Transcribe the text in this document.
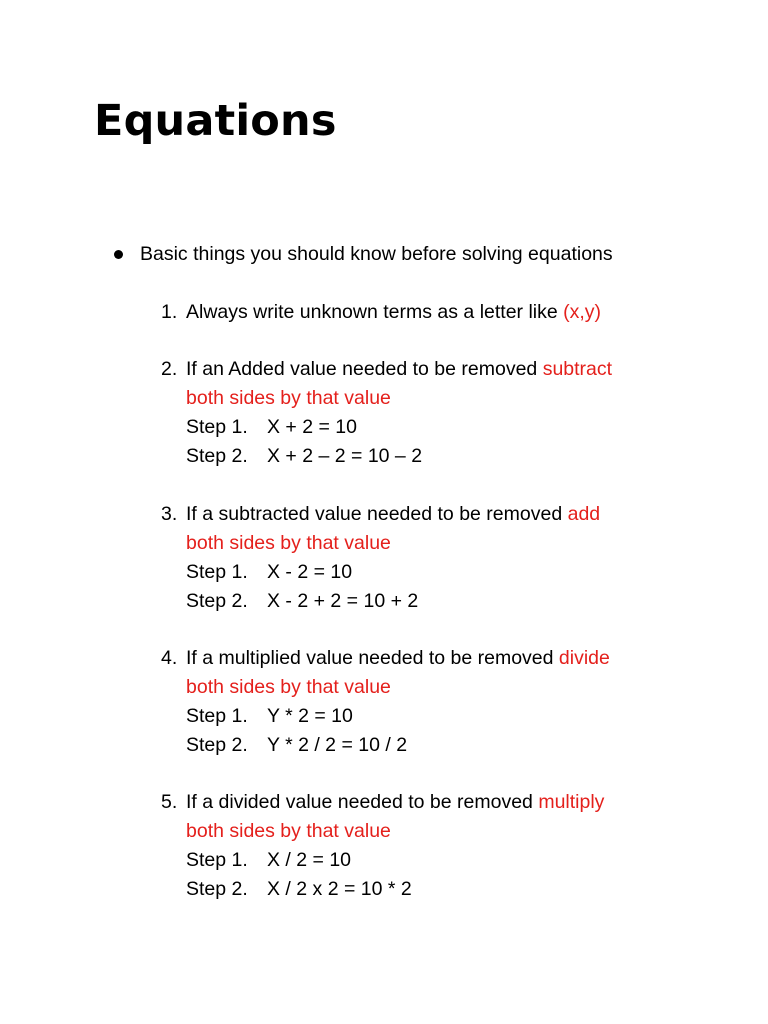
Equations
Basic things you should know before solving equations
1. Always write unknown terms as a letter like (x,y)
2. If an Added value needed to be removed subtract
both sides by that value
Step 1. X + 2 = 10
Step 2. X + 2 – 2 = 10 – 2
3. If a subtracted value needed to be removed add
both sides by that value
Step 1. X - 2 = 10
Step 2. X - 2 + 2 = 10 + 2
4. If a multiplied value needed to be removed divide
both sides by that value
Step 1. Y * 2 = 10
Step 2. Y * 2 / 2 = 10 / 2
5. If a divided value needed to be removed multiply
both sides by that value
Step 1. X / 2 = 10
Step 2. X / 2 x 2 = 10 * 2
